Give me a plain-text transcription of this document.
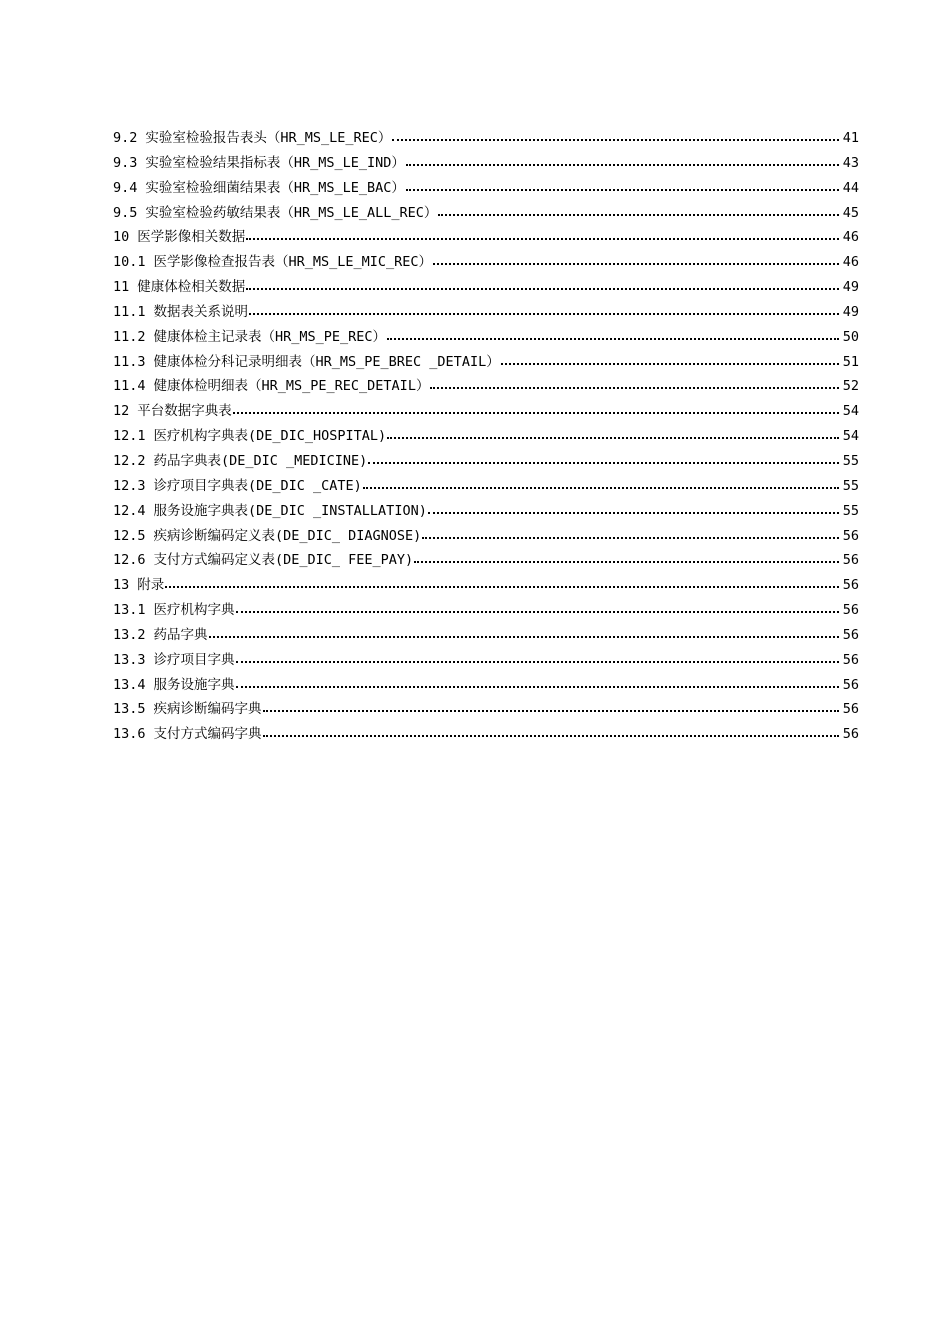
9.2 实验室检验报告表头（HR_MS_LE_REC）	41
9.3 实验室检验结果指标表（HR_MS_LE_IND）	43
9.4 实验室检验细菌结果表（HR_MS_LE_BAC）	44
9.5 实验室检验药敏结果表（HR_MS_LE_ALL_REC）	45
10 医学影像相关数据	46
10.1 医学影像检查报告表（HR_MS_LE_MIC_REC）	46
11 健康体检相关数据	49
11.1 数据表关系说明	49
11.2 健康体检主记录表（HR_MS_PE_REC）	50
11.3 健康体检分科记录明细表（HR_MS_PE_BREC _DETAIL）	51
11.4 健康体检明细表（HR_MS_PE_REC_DETAIL）	52
12 平台数据字典表	54
12.1 医疗机构字典表(DE_DIC_HOSPITAL)	54
12.2 药品字典表(DE_DIC _MEDICINE)	55
12.3 诊疗项目字典表(DE_DIC _CATE)	55
12.4 服务设施字典表(DE_DIC _INSTALLATION)	55
12.5 疾病诊断编码定义表(DE_DIC_ DIAGNOSE)	56
12.6 支付方式编码定义表(DE_DIC_ FEE_PAY)	56
13 附录	56
13.1 医疗机构字典	56
13.2 药品字典	56
13.3 诊疗项目字典	56
13.4 服务设施字典	56
13.5 疾病诊断编码字典	56
13.6 支付方式编码字典	56
